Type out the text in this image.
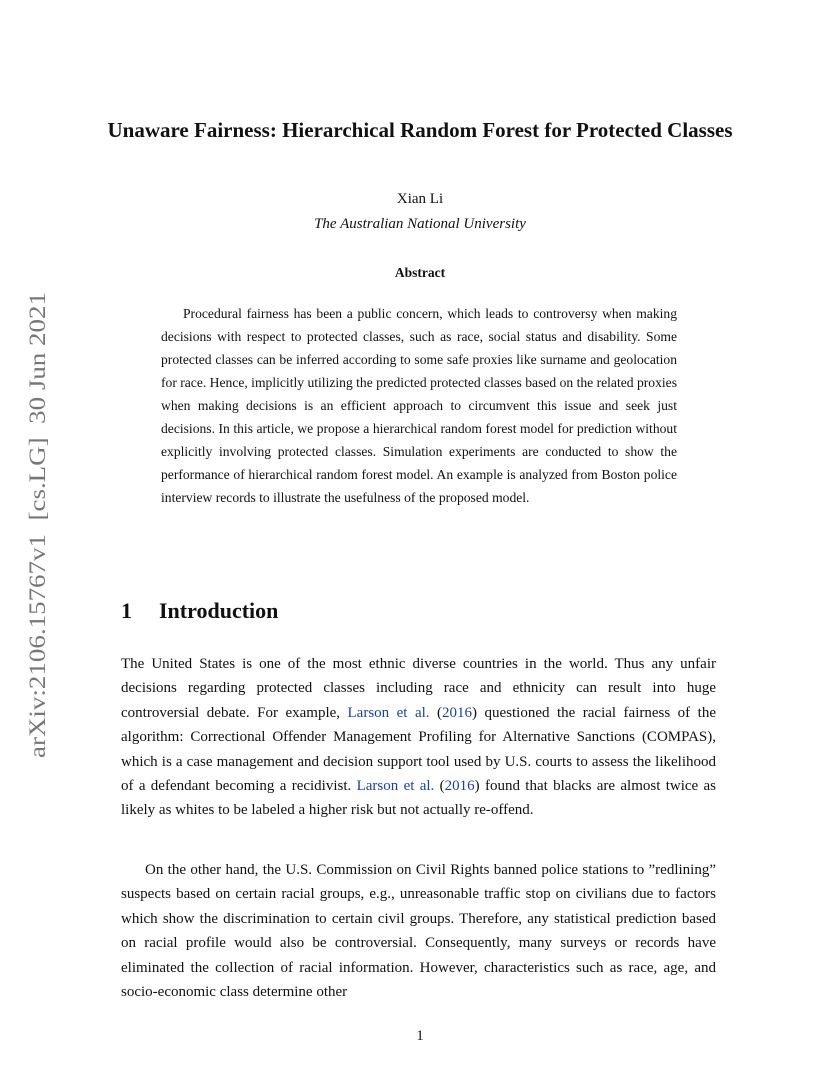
arXiv:2106.15767v1  [cs.LG]  30 Jun 2021
Unaware Fairness: Hierarchical Random Forest for Protected Classes
Xian Li
The Australian National University
Abstract
Procedural fairness has been a public concern, which leads to controversy when making decisions with respect to protected classes, such as race, social status and disability. Some protected classes can be inferred according to some safe proxies like surname and geolocation for race. Hence, implicitly utilizing the predicted protected classes based on the related proxies when making decisions is an efficient approach to circumvent this issue and seek just decisions. In this article, we propose a hierarchical random forest model for prediction without explicitly involving protected classes. Simulation experiments are conducted to show the performance of hierarchical random forest model. An example is analyzed from Boston police interview records to illustrate the usefulness of the proposed model.
1 Introduction
The United States is one of the most ethnic diverse countries in the world. Thus any unfair decisions regarding protected classes including race and ethnicity can result into huge controversial debate. For example, Larson et al. (2016) questioned the racial fairness of the algorithm: Correctional Offender Management Profiling for Alternative Sanctions (COMPAS), which is a case management and decision support tool used by U.S. courts to assess the likelihood of a defendant becoming a recidivist. Larson et al. (2016) found that blacks are almost twice as likely as whites to be labeled a higher risk but not actually re-offend.
On the other hand, the U.S. Commission on Civil Rights banned police stations to ”redlining” suspects based on certain racial groups, e.g., unreasonable traffic stop on civilians due to factors which show the discrimination to certain civil groups. Therefore, any statistical prediction based on racial profile would also be controversial. Consequently, many surveys or records have eliminated the collection of racial information. However, characteristics such as race, age, and socio-economic class determine other
1
